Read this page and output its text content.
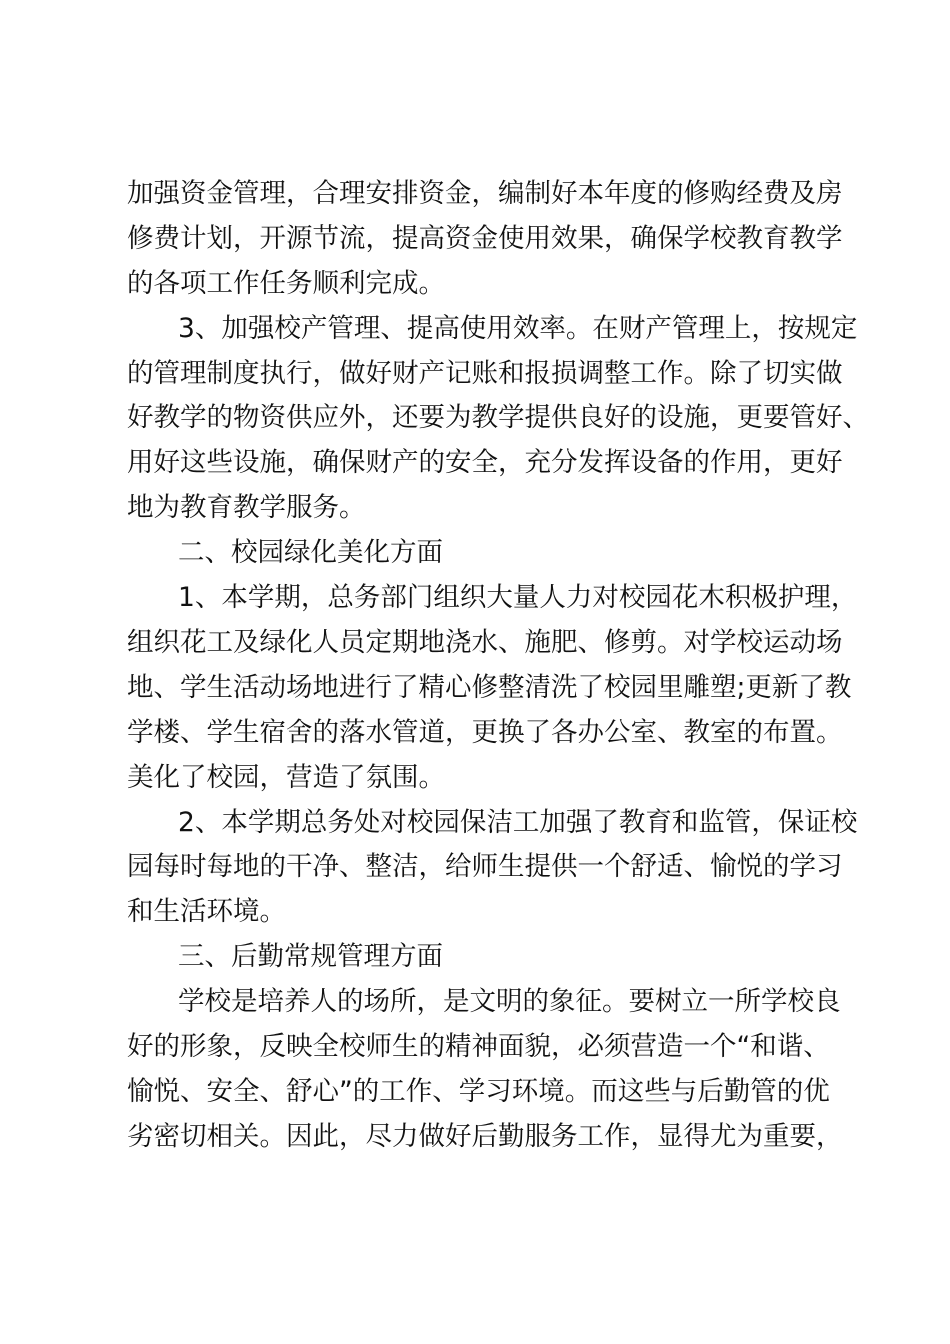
加强资金管理，合理安排资金，编制好本年度的修购经费及房
修费计划，开源节流，提高资金使用效果，确保学校教育教学
的各项工作任务顺利完成。
3、加强校产管理、提高使用效率。在财产管理上，按规定
的管理制度执行，做好财产记账和报损调整工作。除了切实做
好教学的物资供应外，还要为教学提供良好的设施，更要管好、
用好这些设施，确保财产的安全，充分发挥设备的作用，更好
地为教育教学服务。
二、校园绿化美化方面
1、本学期，总务部门组织大量人力对校园花木积极护理，
组织花工及绿化人员定期地浇水、施肥、修剪。对学校运动场
地、学生活动场地进行了精心修整清洗了校园里雕塑;更新了教
学楼、学生宿舍的落水管道，更换了各办公室、教室的布置。
美化了校园，营造了氛围。
2、本学期总务处对校园保洁工加强了教育和监管，保证校
园每时每地的干净、整洁，给师生提供一个舒适、愉悦的学习
和生活环境。
三、后勤常规管理方面
学校是培养人的场所，是文明的象征。要树立一所学校良
好的形象，反映全校师生的精神面貌，必须营造一个“和谐、
愉悦、安全、舒心”的工作、学习环境。而这些与后勤管的优
劣密切相关。因此，尽力做好后勤服务工作，显得尤为重要，
